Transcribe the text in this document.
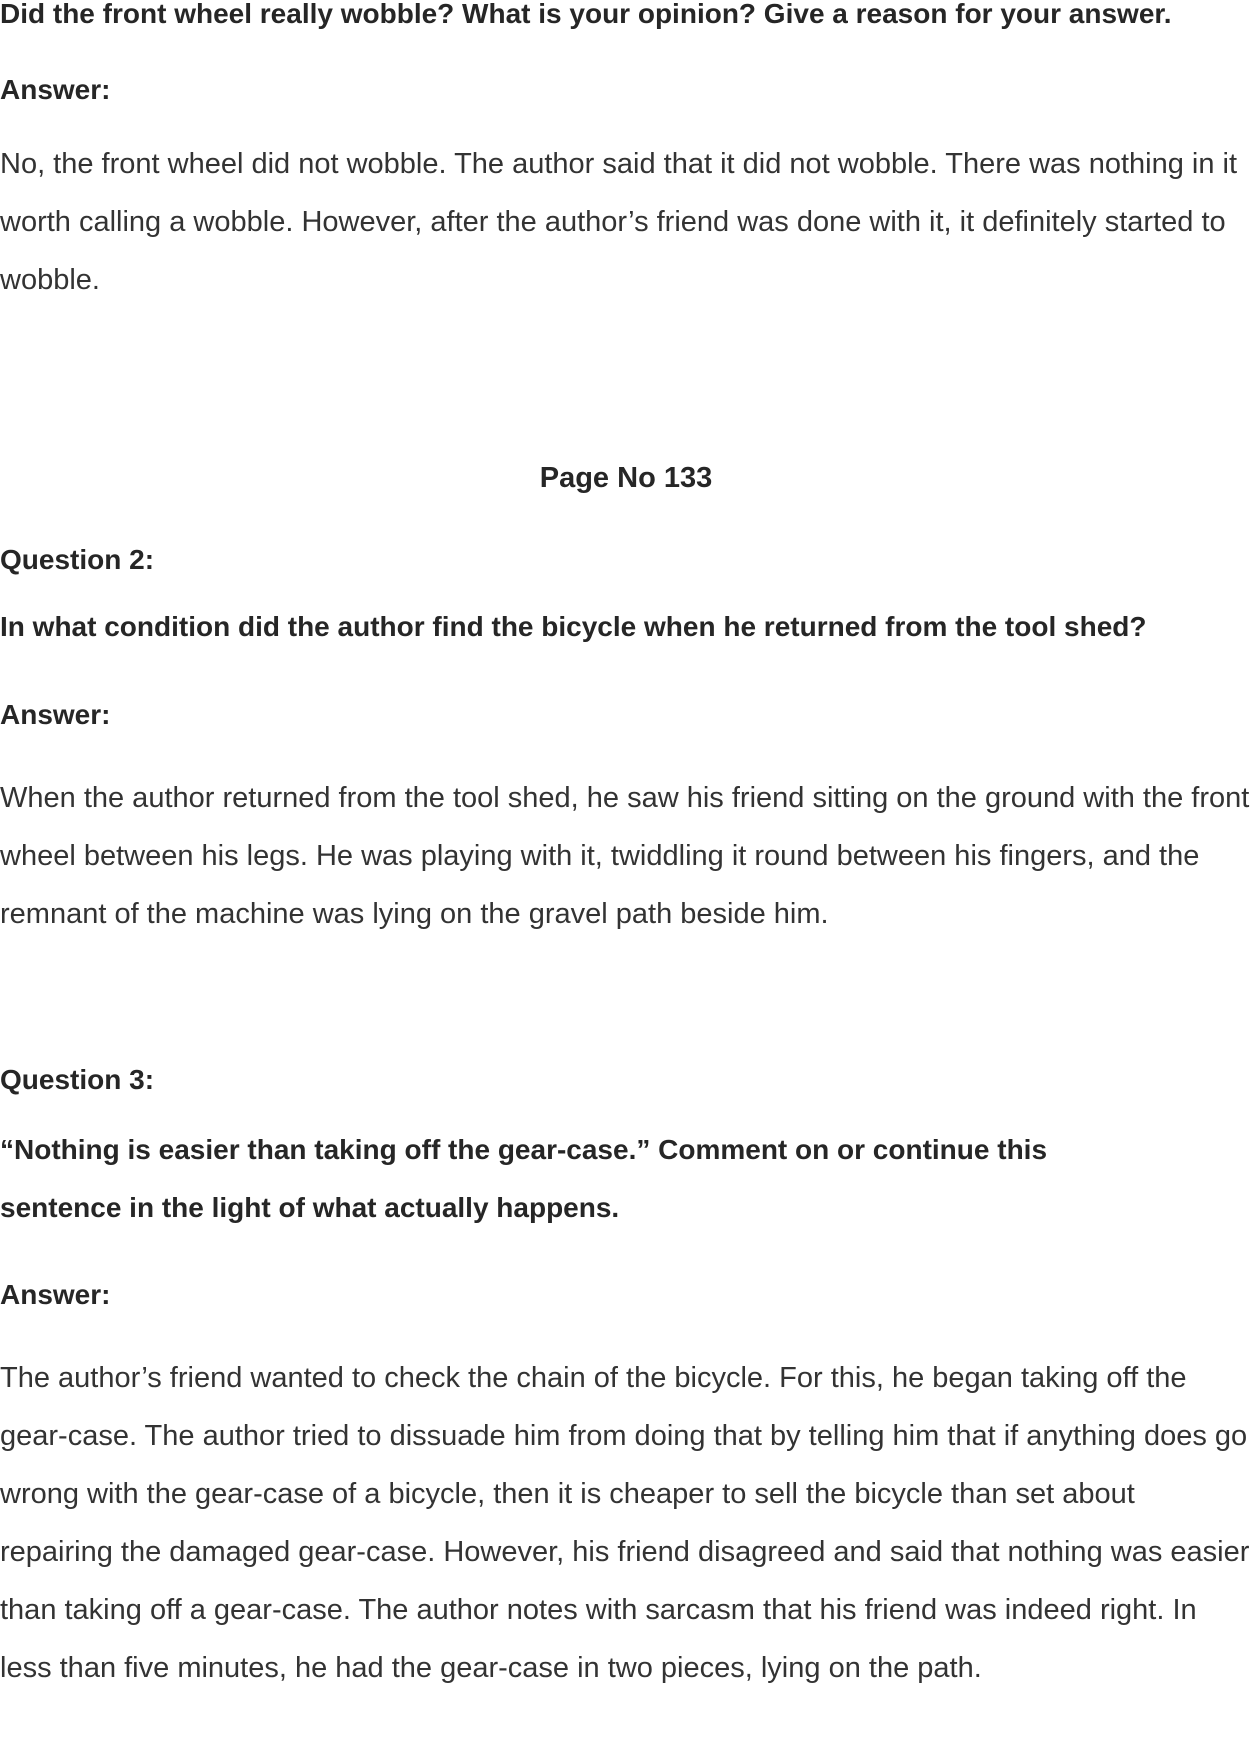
Did the front wheel really wobble? What is your opinion? Give a reason for your answer.

Answer:

No, the front wheel did not wobble. The author said that it did not wobble. There was nothing in it worth calling a wobble. However, after the author’s friend was done with it, it definitely started to wobble.

Page No 133

Question 2:

In what condition did the author find the bicycle when he returned from the tool shed?

Answer:

When the author returned from the tool shed, he saw his friend sitting on the ground with the front wheel between his legs. He was playing with it, twiddling it round between his fingers, and the remnant of the machine was lying on the gravel path beside him.

Question 3:

“Nothing is easier than taking off the gear-case.” Comment on or continue this sentence in the light of what actually happens.

Answer:

The author’s friend wanted to check the chain of the bicycle. For this, he began taking off the gear-case. The author tried to dissuade him from doing that by telling him that if anything does go wrong with the gear-case of a bicycle, then it is cheaper to sell the bicycle than set about repairing the damaged gear-case. However, his friend disagreed and said that nothing was easier than taking off a gear-case. The author notes with sarcasm that his friend was indeed right. In less than five minutes, he had the gear-case in two pieces, lying on the path.
